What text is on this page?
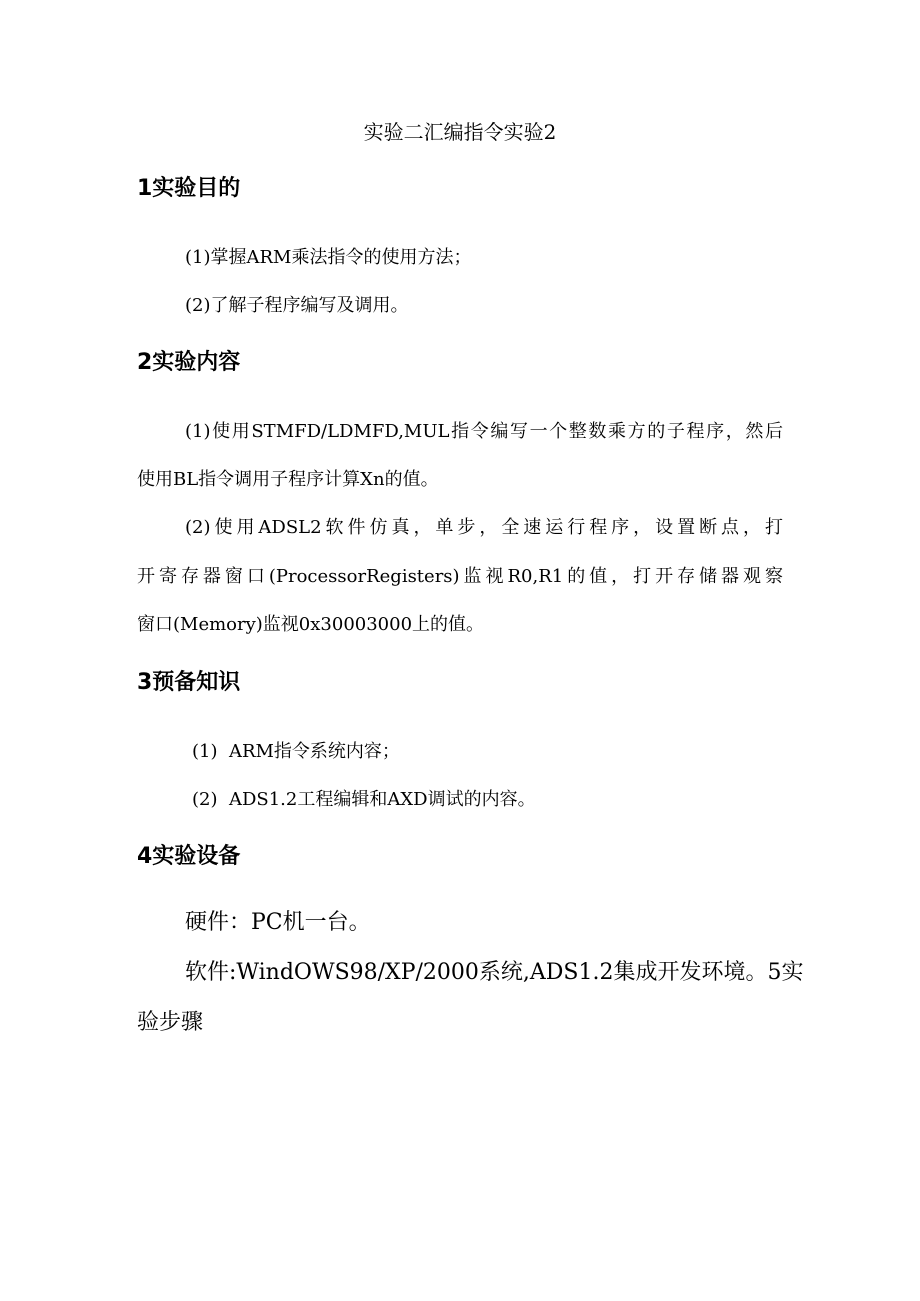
实验二汇编指令实验2
1实验目的
(1)掌握ARM乘法指令的使用方法；
(2)了解子程序编写及调用。
2实验内容
(1)使用STMFD/LDMFD,MUL指令编写一个整数乘方的子程序，然后
使用BL指令调用子程序计算Xn的值。
(2)使用ADSL2软件仿真，单步，全速运行程序，设置断点，打
开寄存器窗口(ProcessorRegisters)监视R0,R1的值，打开存储器观察
窗口(Memory)监视0x30003000上的值。
3预备知识
(1)  ARM指令系统内容；
(2)  ADS1.2工程编辑和AXD调试的内容。
4实验设备
硬件：PC机一台。
软件:WindOWS98/XP/2000系统,ADS1.2集成开发环境。5实
验步骤
